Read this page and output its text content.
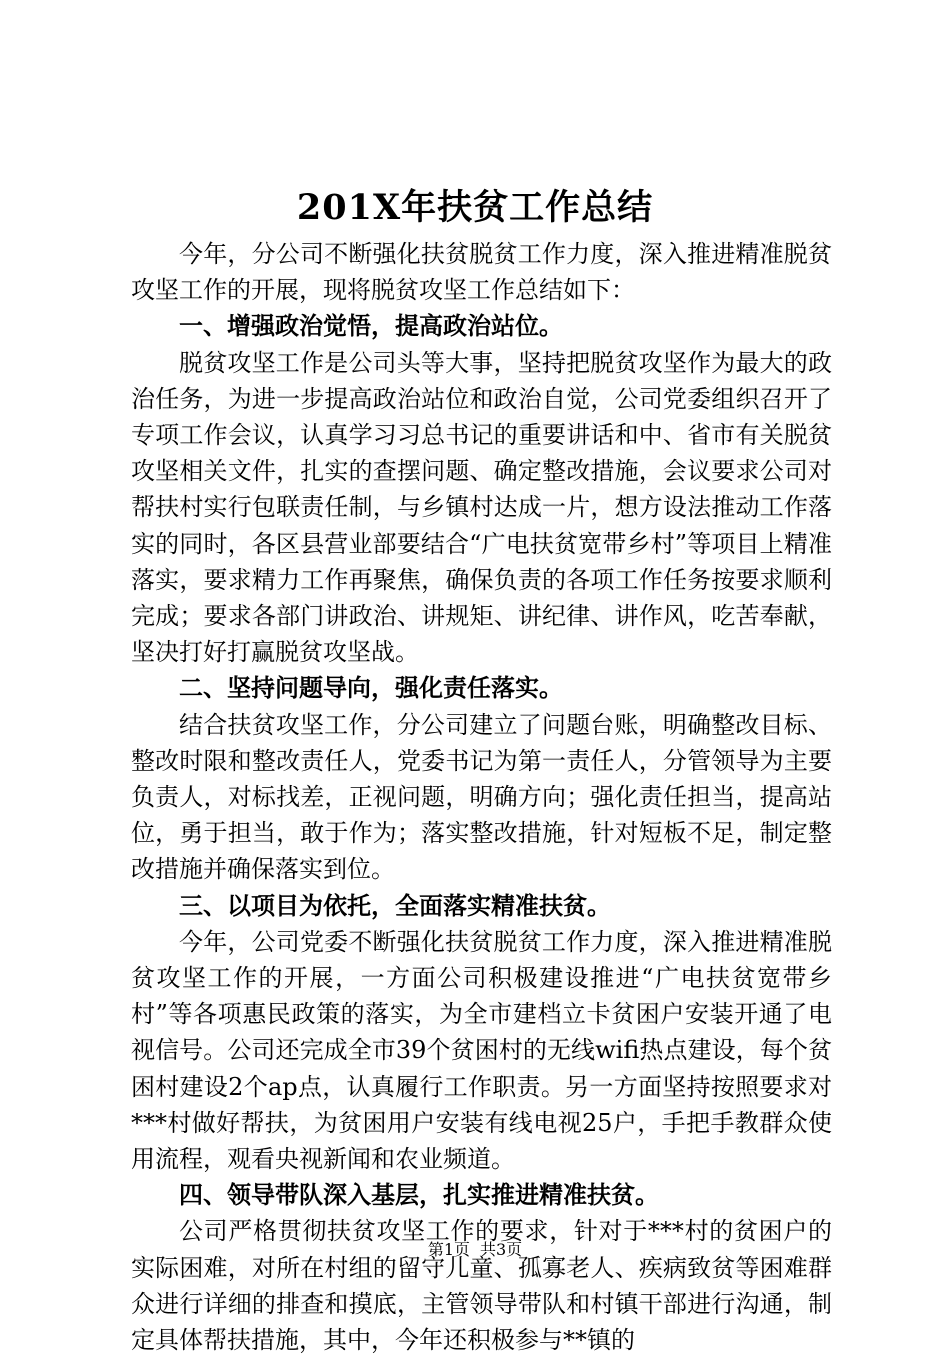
201X年扶贫工作总结

今年，分公司不断强化扶贫脱贫工作力度，深入推进精准脱贫攻坚工作的开展，现将脱贫攻坚工作总结如下：

一、增强政治觉悟，提高政治站位。

脱贫攻坚工作是公司头等大事，坚持把脱贫攻坚作为最大的政治任务，为进一步提高政治站位和政治自觉，公司党委组织召开了专项工作会议，认真学习习总书记的重要讲话和中、省市有关脱贫攻坚相关文件，扎实的查摆问题、确定整改措施，会议要求公司对帮扶村实行包联责任制，与乡镇村达成一片，想方设法推动工作落实的同时，各区县营业部要结合“广电扶贫宽带乡村”等项目上精准落实，要求精力工作再聚焦，确保负责的各项工作任务按要求顺利完成；要求各部门讲政治、讲规矩、讲纪律、讲作风，吃苦奉献，坚决打好打赢脱贫攻坚战。

二、坚持问题导向，强化责任落实。

结合扶贫攻坚工作，分公司建立了问题台账，明确整改目标、整改时限和整改责任人，党委书记为第一责任人，分管领导为主要负责人，对标找差，正视问题，明确方向；强化责任担当，提高站位，勇于担当，敢于作为；落实整改措施，针对短板不足，制定整改措施并确保落实到位。

三、以项目为依托，全面落实精准扶贫。

今年，公司党委不断强化扶贫脱贫工作力度，深入推进精准脱贫攻坚工作的开展，一方面公司积极建设推进“广电扶贫宽带乡村”等各项惠民政策的落实，为全市建档立卡贫困户安装开通了电视信号。公司还完成全市39个贫困村的无线wifi热点建设，每个贫困村建设2个ap点，认真履行工作职责。另一方面坚持按照要求对***村做好帮扶，为贫困用户安装有线电视25户，手把手教群众使用流程，观看央视新闻和农业频道。

四、领导带队深入基层，扎实推进精准扶贫。

公司严格贯彻扶贫攻坚工作的要求，针对于***村的贫困户的实际困难，对所在村组的留守儿童、孤寡老人、疾病致贫等困难群众进行详细的排查和摸底，主管领导带队和村镇干部进行沟通，制定具体帮扶措施，其中，今年还积极参与**镇的

第1页 共3页
